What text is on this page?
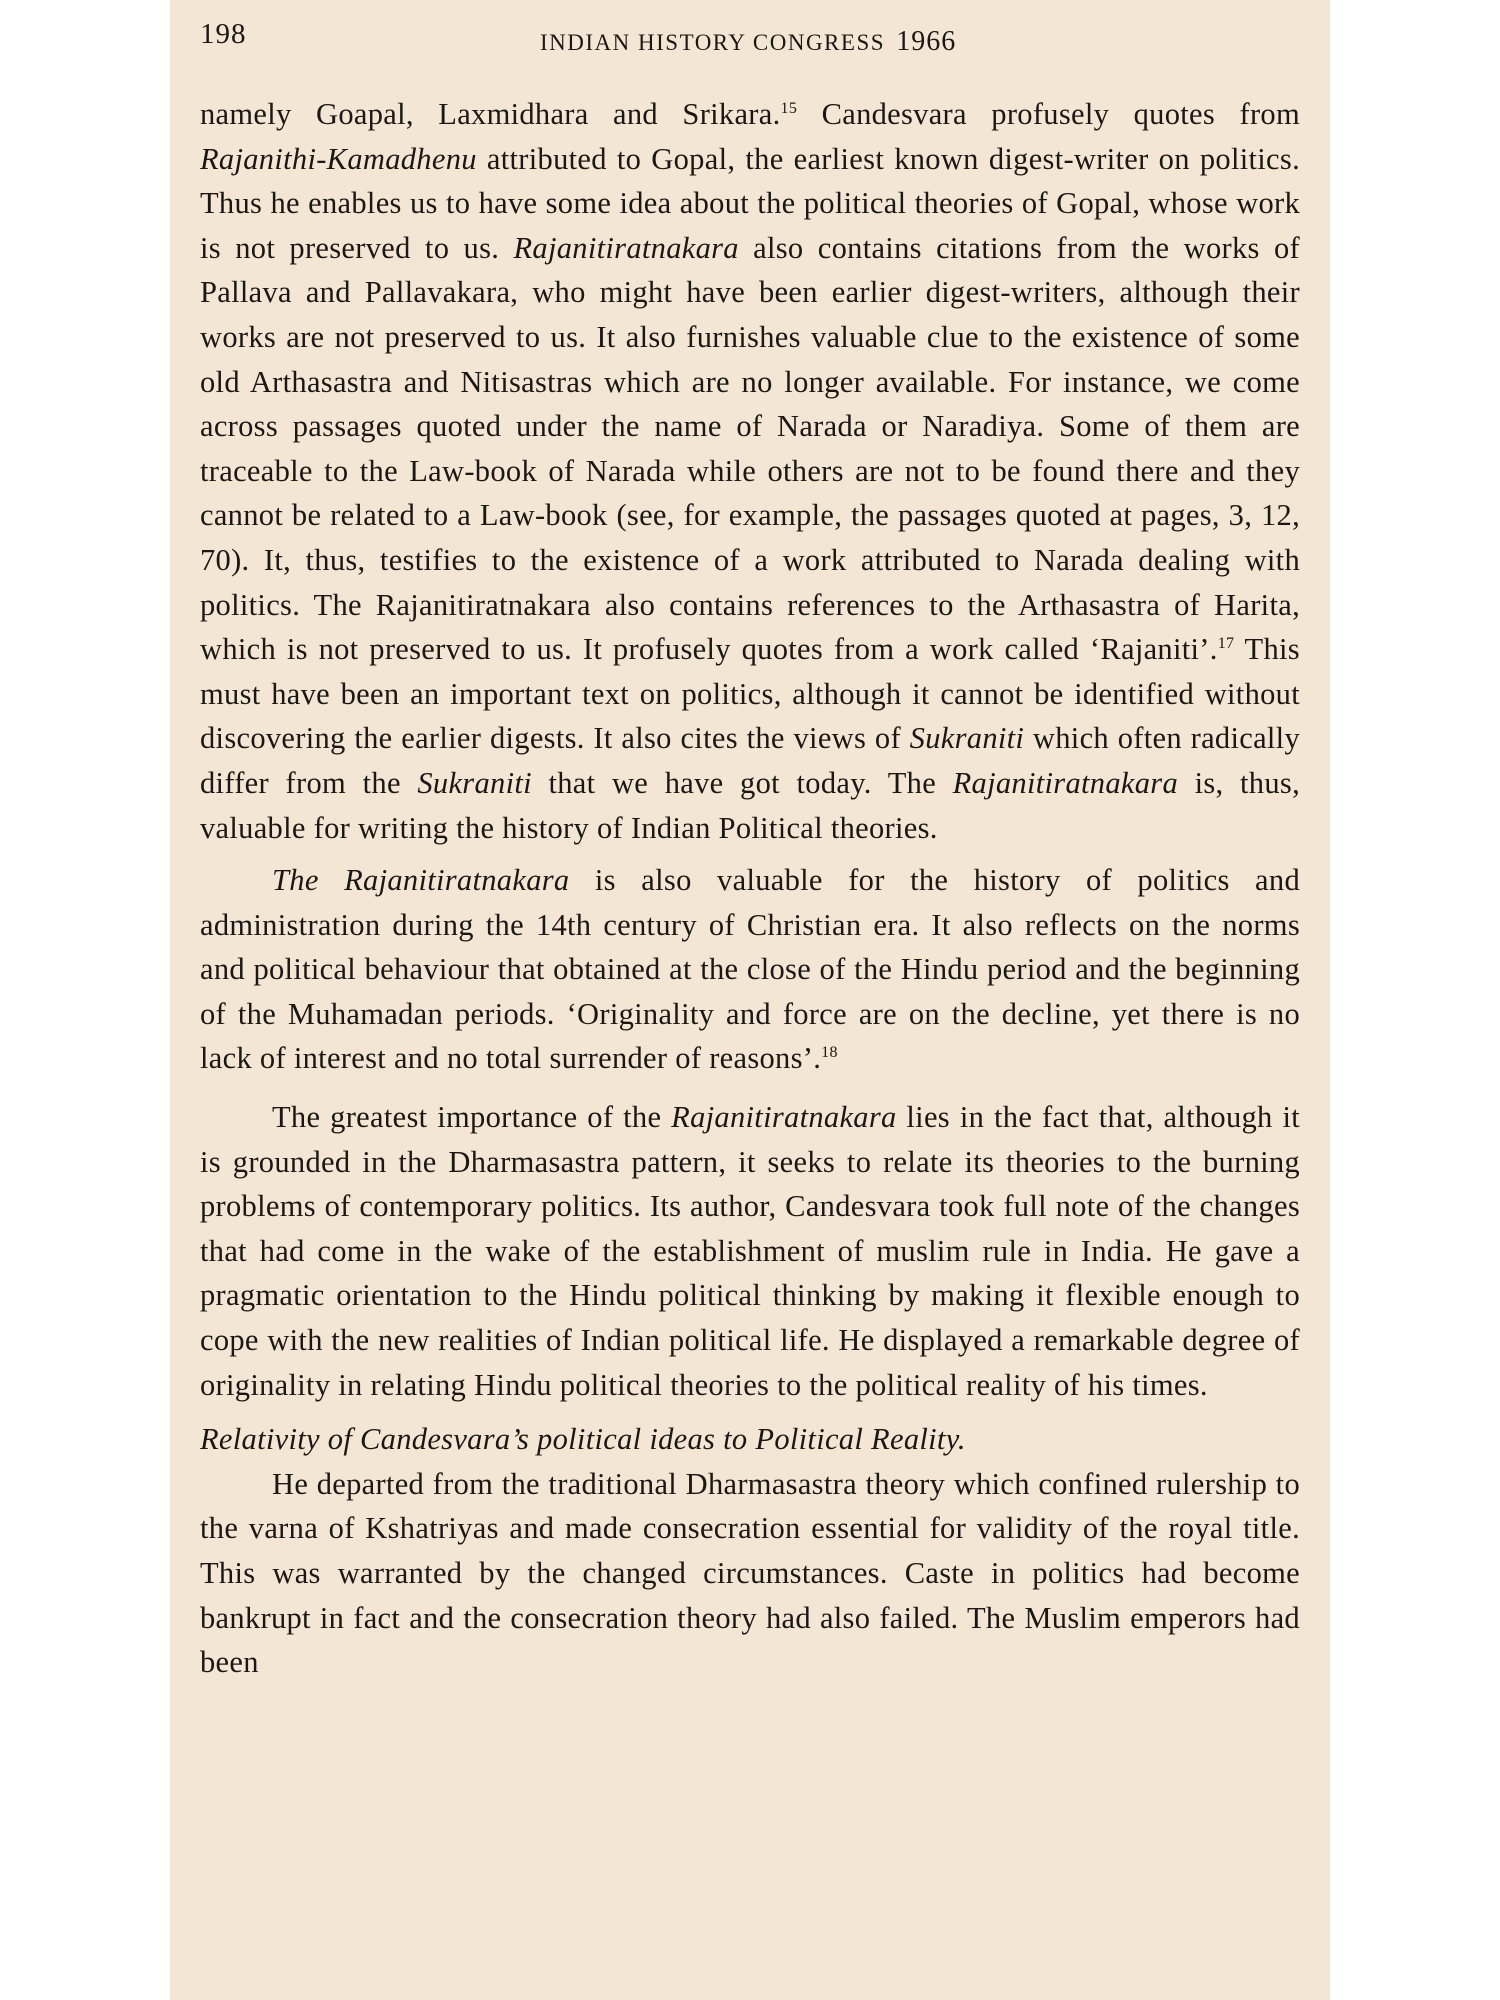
198	INDIAN HISTORY CONGRESS 1966

namely Goapal, Laxmidhara and Srikara.$^{15}$ Candesvara profusely quotes from Rajanithi-Kamadhenu attributed to Gopal, the earliest known digest-writer on politics. Thus he enables us to have some idea about the political theories of Gopal, whose work is not preserved to us. Rajanitiratnakara also contains citations from the works of Pallava and Pallavakara, who might have been earlier digest-writers, although their works are not preserved to us. It also furnishes valuable clue to the existence of some old Arthasastra and Nitisastras which are no longer available. For instance, we come across passages quoted under the name of Narada or Naradiya. Some of them are traceable to the Law-book of Narada while others are not to be found there and they cannot be related to a Law-book (see, for example, the passages quoted at pages, 3, 12, 70). It, thus, testifies to the existence of a work attributed to Narada dealing with politics. The Rajanitiratnakara also contains references to the Arthasastra of Harita, which is not preserved to us. It profusely quotes from a work called ‘Rajaniti’.$^{17}$ This must have been an important text on politics, although it cannot be identified without discovering the earlier digests. It also cites the views of Sukraniti which often radically differ from the Sukraniti that we have got today. The Rajanitiratnakara is, thus, valuable for writing the history of Indian Political theories.

The Rajanitiratnakara is also valuable for the history of politics and administration during the 14th century of Christian era. It also reflects on the norms and political behaviour that obtained at the close of the Hindu period and the beginning of the Muhamadan periods. ‘Originality and force are on the decline, yet there is no lack of interest and no total surrender of reasons’.$^{18}$

The greatest importance of the Rajanitiratnakara lies in the fact that, although it is grounded in the Dharmasastra pattern, it seeks to relate its theories to the burning problems of contemporary politics. Its author, Candesvara took full note of the changes that had come in the wake of the establishment of muslim rule in India. He gave a pragmatic orientation to the Hindu political thinking by making it flexible enough to cope with the new realities of Indian political life. He displayed a remarkable degree of originality in relating Hindu political theories to the political reality of his times.

Relativity of Candesvara’s political ideas to Political Reality.

He departed from the traditional Dharmasastra theory which confined rulership to the varna of Kshatriyas and made consecration essential for validity of the royal title. This was warranted by the changed circumstances. Caste in politics had become bankrupt in fact and the consecration theory had also failed. The Muslim emperors had been
